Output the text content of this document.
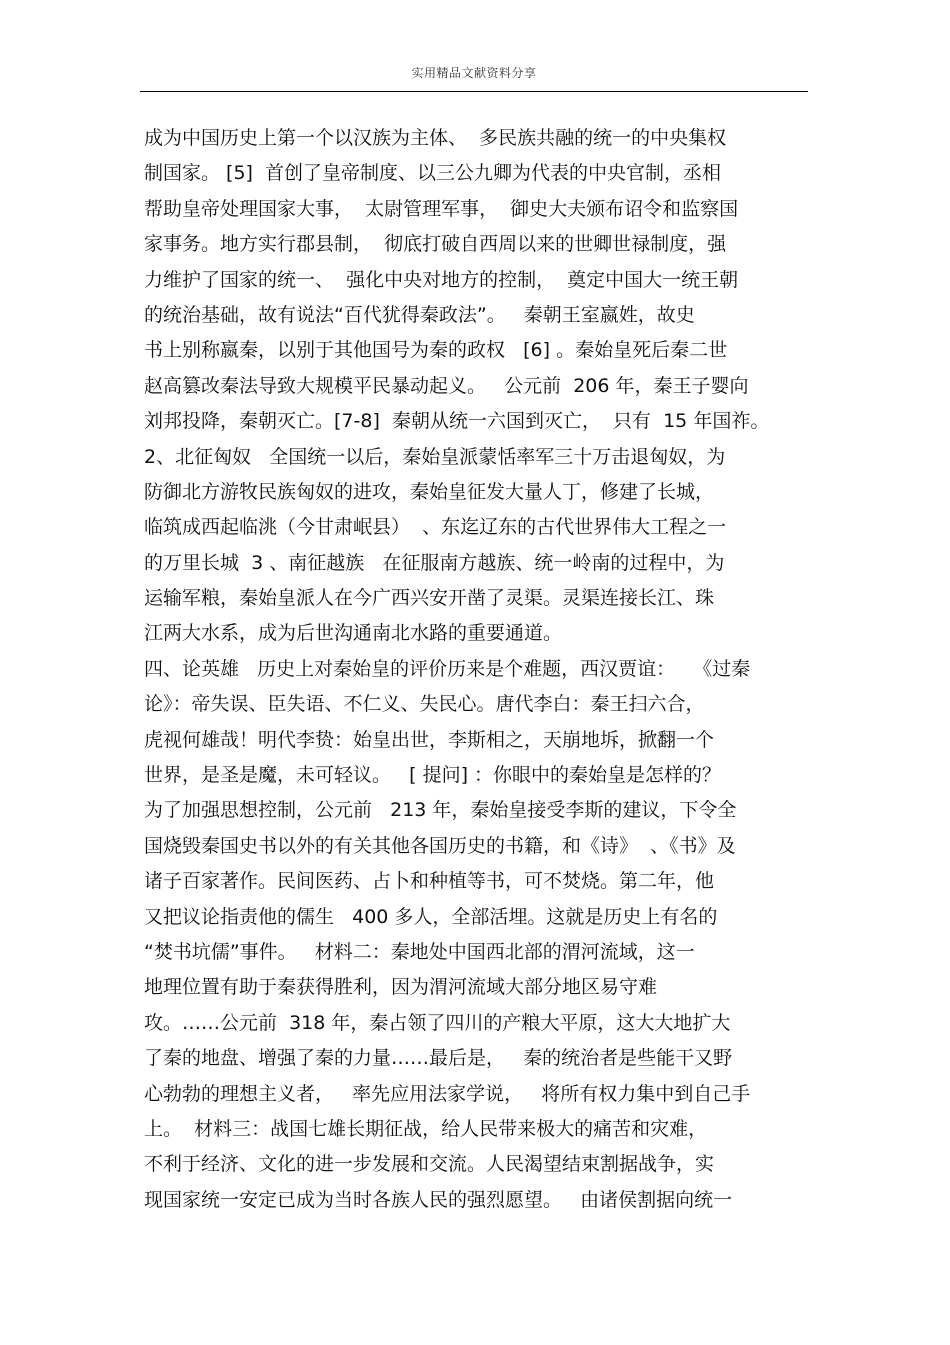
实用精品文献资料分享
成为中国历史上第一个以汉族为主体、  多民族共融的统一的中央集权
制国家。 [5]  首创了皇帝制度、以三公九卿为代表的中央官制，丞相
帮助皇帝处理国家大事，  太尉管理军事，  御史大夫颁布诏令和监察国
家事务。地方实行郡县制，  彻底打破自西周以来的世卿世禄制度，强
力维护了国家的统一、  强化中央对地方的控制，  奠定中国大一统王朝
的统治基础，故有说法“百代犹得秦政法”。   秦朝王室嬴姓，故史
书上别称嬴秦，以别于其他国号为秦的政权   [6] 。秦始皇死后秦二世
赵高篡改秦法导致大规模平民暴动起义。   公元前  206 年，秦王子婴向
刘邦投降，秦朝灭亡。[7-8]  秦朝从统一六国到灭亡，  只有  15 年国祚。
2、北征匈奴   全国统一以后，秦始皇派蒙恬率军三十万击退匈奴，为
防御北方游牧民族匈奴的进攻，秦始皇征发大量人丁，修建了长城，
临筑成西起临洮（今甘肃岷县）  、东迄辽东的古代世界伟大工程之一
的万里长城  3 、南征越族   在征服南方越族、统一岭南的过程中，为
运输军粮，秦始皇派人在今广西兴安开凿了灵渠。灵渠连接长江、珠
江两大水系，成为后世沟通南北水路的重要通道。
四、论英雄   历史上对秦始皇的评价历来是个难题，西汉贾谊：   《过秦
论》：帝失误、臣失语、不仁义、失民心。唐代李白：秦王扫六合，
虎视何雄哉！明代李贽：始皇出世，李斯相之，天崩地坼，掀翻一个
世界，是圣是魔，未可轻议。   [ 提问] ：你眼中的秦始皇是怎样的？
为了加强思想控制，公元前   213 年，秦始皇接受李斯的建议，下令全
国烧毁秦国史书以外的有关其他各国历史的书籍，和《诗》  、《书》及
诸子百家著作。民间医药、占卜和种植等书，可不焚烧。第二年，他
又把议论指责他的儒生   400 多人，全部活埋。这就是历史上有名的
“焚书坑儒”事件。   材料二：秦地处中国西北部的渭河流域，这一
地理位置有助于秦获得胜利，因为渭河流域大部分地区易守难
攻。……公元前  318 年，秦占领了四川的产粮大平原，这大大地扩大
了秦的地盘、增强了秦的力量……最后是，   秦的统治者是些能干又野
心勃勃的理想主义者，   率先应用法家学说，   将所有权力集中到自己手
上。  材料三：战国七雄长期征战，给人民带来极大的痛苦和灾难，
不利于经济、文化的进一步发展和交流。人民渴望结束割据战争，实
现国家统一安定已成为当时各族人民的强烈愿望。   由诸侯割据向统一
